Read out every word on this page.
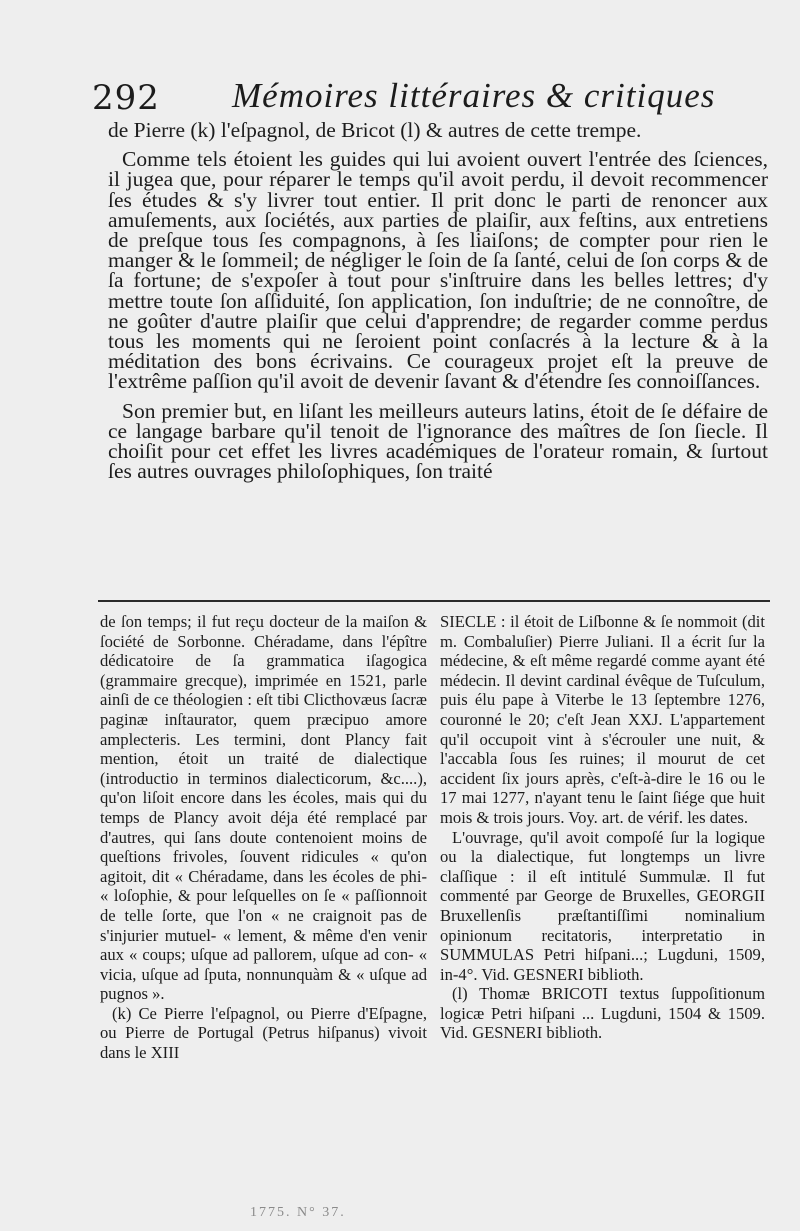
292 Mémoires littéraires & critiques

de Pierre (k) l'eſpagnol, de Bricot (l) & autres de cette trempe.

Comme tels étoient les guides qui lui avoient ouvert l'entrée des ſciences, il jugea que, pour réparer le temps qu'il avoit perdu, il devoit recommencer ſes études & s'y livrer tout entier. Il prit donc le parti de renoncer aux amuſements, aux ſociétés, aux parties de plaiſir, aux feſtins, aux entretiens de preſque tous ſes compagnons, à ſes liaiſons; de compter pour rien le manger & le ſommeil; de négliger le ſoin de ſa ſanté, celui de ſon corps & de ſa fortune; de s'expoſer à tout pour s'inſtruire dans les belles lettres; d'y mettre toute ſon aſſiduité, ſon application, ſon induſtrie; de ne connoître, de ne goûter d'autre plaiſir que celui d'apprendre; de regarder comme perdus tous les moments qui ne ſeroient point conſacrés à la lecture & à la méditation des bons écrivains. Ce courageux projet eſt la preuve de l'extrême paſſion qu'il avoit de devenir ſavant & d'étendre ſes connoiſſances.

Son premier but, en liſant les meilleurs auteurs latins, étoit de ſe défaire de ce langage barbare qu'il tenoit de l'ignorance des maîtres de ſon ſiecle. Il choiſit pour cet effet les livres académiques de l'orateur romain, & ſurtout ſes autres ouvrages philoſophiques, ſon traité

de ſon temps; il fut reçu docteur de la maiſon & ſociété de Sorbonne. Chéradame, dans l'épître dédicatoire de ſa grammatica iſagogica (grammaire grecque), imprimée en 1521, parle ainſi de ce théologien : eſt tibi Clicthovæus ſacræ paginæ inſtaurator, quem præcipuo amore amplecteris. Les termini, dont Plancy fait mention, étoit un traité de dialectique (introductio in terminos dialecticorum, &c....), qu'on liſoit encore dans les écoles, mais qui du temps de Plancy avoit déja été remplacé par d'autres, qui ſans doute contenoient moins de queſtions frivoles, ſouvent ridicules « qu'on agitoit, dit « Chéradame, dans les écoles de phi- « loſophie, & pour leſquelles on ſe « paſſionnoit de telle ſorte, que l'on « ne craignoit pas de s'injurier mutuel- « lement, & même d'en venir aux « coups; uſque ad pallorem, uſque ad con- « vicia, uſque ad ſputa, nonnunquàm & « uſque ad pugnos ».

(k) Ce Pierre l'eſpagnol, ou Pierre d'Eſpagne, ou Pierre de Portugal (Petrus hiſpanus) vivoit dans le XIII

SIECLE : il étoit de Liſbonne & ſe nommoit (dit m. Combaluſier) Pierre Juliani. Il a écrit ſur la médecine, & eſt même regardé comme ayant été médecin. Il devint cardinal évêque de Tuſculum, puis élu pape à Viterbe le 13 ſeptembre 1276, couronné le 20; c'eſt Jean XXJ. L'appartement qu'il occupoit vint à s'écrouler une nuit, & l'accabla ſous ſes ruines; il mourut de cet accident ſix jours après, c'eſt-à-dire le 16 ou le 17 mai 1277, n'ayant tenu le ſaint ſiége que huit mois & trois jours. Voy. art. de vérif. les dates.

L'ouvrage, qu'il avoit compoſé ſur la logique ou la dialectique, fut longtemps un livre claſſique : il eſt intitulé Summulæ. Il fut commenté par George de Bruxelles, GEORGII Bruxellenſis præſtantiſſimi nominalium opinionum recitatoris, interpretatio in SUMMULAS Petri hiſpani...; Lugduni, 1509, in-4°. Vid. GESNERI biblioth.

(l) Thomæ BRICOTI textus ſuppoſitionum logicæ Petri hiſpani ... Lugduni, 1504 & 1509. Vid. GESNERI biblioth.

1775. N° 37.
